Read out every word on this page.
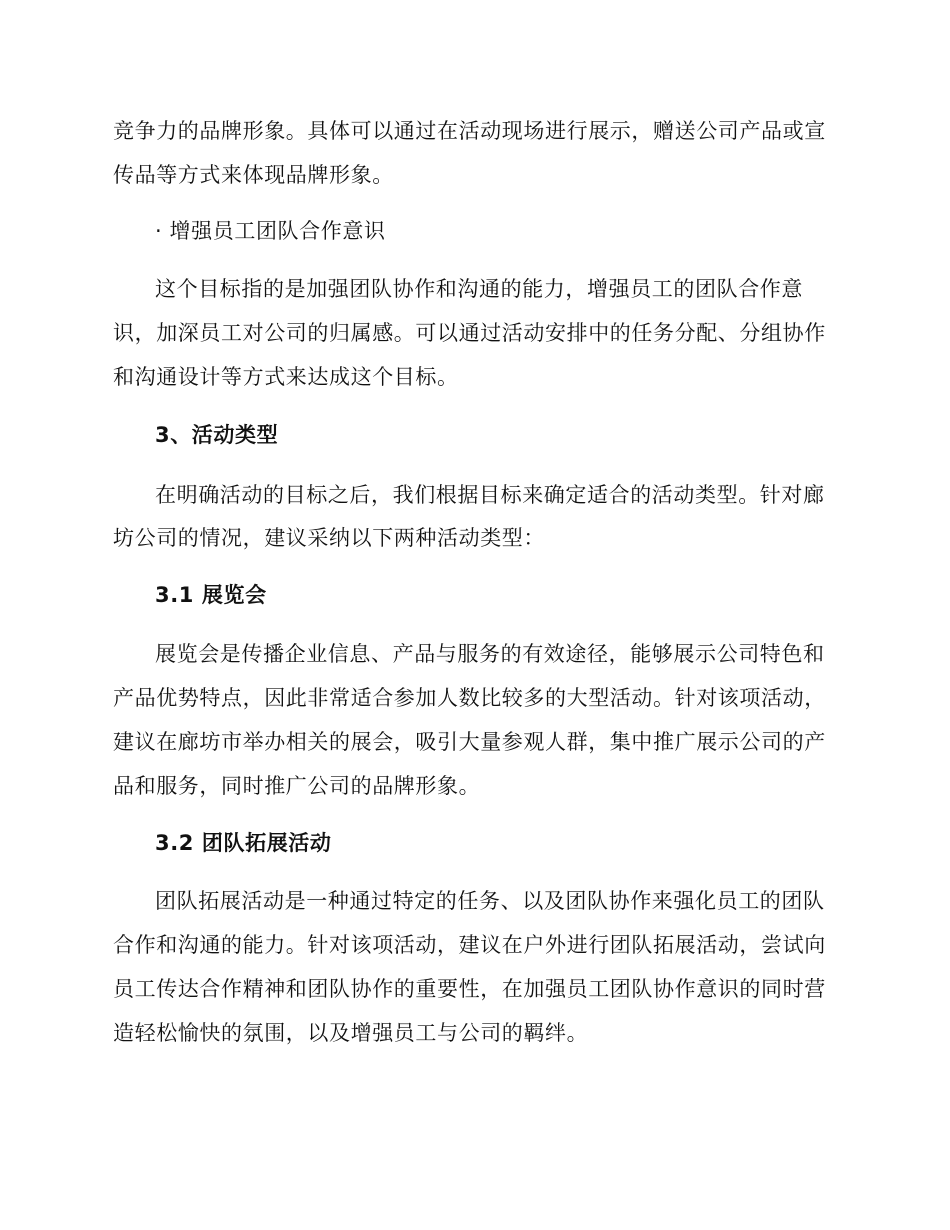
竞争力的品牌形象。具体可以通过在活动现场进行展示，赠送公司产品或宣
传品等方式来体现品牌形象。
· 增强员工团队合作意识
这个目标指的是加强团队协作和沟通的能力，增强员工的团队合作意
识，加深员工对公司的归属感。可以通过活动安排中的任务分配、分组协作
和沟通设计等方式来达成这个目标。
3、活动类型
在明确活动的目标之后，我们根据目标来确定适合的活动类型。针对廊
坊公司的情况，建议采纳以下两种活动类型：
3.1 展览会
展览会是传播企业信息、产品与服务的有效途径，能够展示公司特色和
产品优势特点，因此非常适合参加人数比较多的大型活动。针对该项活动，
建议在廊坊市举办相关的展会，吸引大量参观人群，集中推广展示公司的产
品和服务，同时推广公司的品牌形象。
3.2 团队拓展活动
团队拓展活动是一种通过特定的任务、以及团队协作来强化员工的团队
合作和沟通的能力。针对该项活动，建议在户外进行团队拓展活动，尝试向
员工传达合作精神和团队协作的重要性，在加强员工团队协作意识的同时营
造轻松愉快的氛围，以及增强员工与公司的羁绊。
